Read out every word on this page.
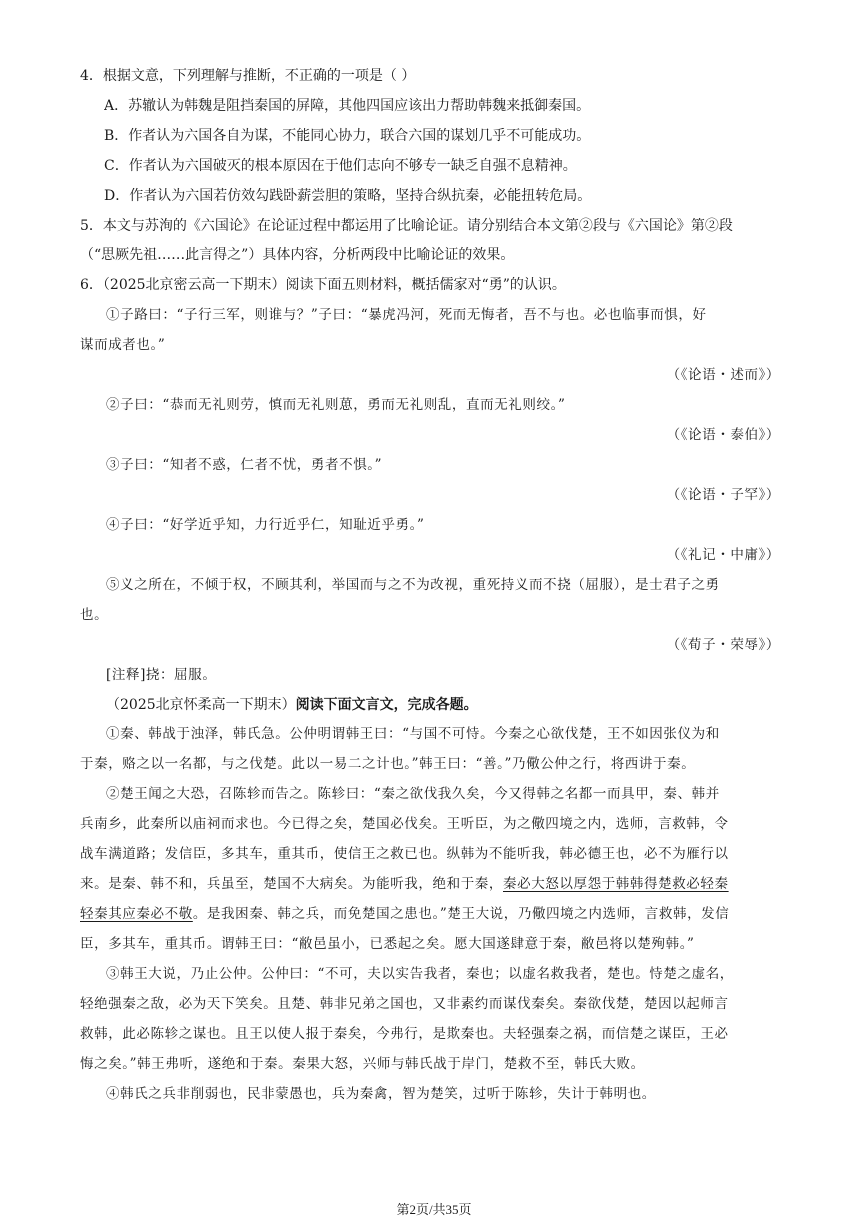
4．根据文意，下列理解与推断，不正确的一项是（ ）
A．苏辙认为韩魏是阻挡秦国的屏障，其他四国应该出力帮助韩魏来抵御秦国。
B．作者认为六国各自为谋，不能同心协力，联合六国的谋划几乎不可能成功。
C．作者认为六国破灭的根本原因在于他们志向不够专一缺乏自强不息精神。
D．作者认为六国若仿效勾践卧薪尝胆的策略，坚持合纵抗秦，必能扭转危局。
5．本文与苏洵的《六国论》在论证过程中都运用了比喻论证。请分别结合本文第②段与《六国论》第②段
（“思厥先祖……此言得之”）具体内容，分析两段中比喻论证的效果。
6．（2025北京密云高一下期末）阅读下面五则材料，概括儒家对“勇”的认识。
①子路曰：“子行三军，则谁与？”子曰：“暴虎冯河，死而无悔者，吾不与也。必也临事而惧，好
谋而成者也。”
（《论语・述而》）
②子曰：“恭而无礼则劳，慎而无礼则葸，勇而无礼则乱，直而无礼则绞。”
（《论语・泰伯》）
③子曰：“知者不惑，仁者不忧，勇者不惧。”
（《论语・子罕》）
④子曰：“好学近乎知，力行近乎仁，知耻近乎勇。”
（《礼记・中庸》）
⑤义之所在，不倾于权，不顾其利，举国而与之不为改视，重死持义而不挠（屈服），是士君子之勇
也。
（《荀子・荣辱》）
[注释]挠：屈服。
（2025北京怀柔高一下期末）阅读下面文言文，完成各题。
①秦、韩战于浊泽，韩氏急。公仲明谓韩王曰：“与国不可恃。今秦之心欲伐楚，王不如因张仪为和
于秦，赂之以一名都，与之伐楚。此以一易二之计也。”韩王曰：“善。”乃儆公仲之行，将西讲于秦。
②楚王闻之大恐，召陈轸而告之。陈轸曰：“秦之欲伐我久矣，今又得韩之名都一而具甲，秦、韩并
兵南乡，此秦所以庙祠而求也。今已得之矣，楚国必伐矣。王听臣，为之儆四境之内，选师，言救韩，令
战车满道路；发信臣，多其车，重其币，使信王之救已也。纵韩为不能听我，韩必德王也，必不为雁行以
来。是秦、韩不和，兵虽至，楚国不大病矣。为能听我，绝和于秦，秦必大怒以厚怨于韩韩得楚救必轻秦
轻秦其应秦必不敬。是我困秦、韩之兵，而免楚国之患也。”楚王大说，乃儆四境之内选师，言救韩，发信
臣，多其车，重其币。谓韩王曰：“敝邑虽小，已悉起之矣。愿大国遂肆意于秦，敝邑将以楚殉韩。”
③韩王大说，乃止公仲。公仲曰：“不可，夫以实告我者，秦也；以虚名救我者，楚也。恃楚之虚名，
轻绝强秦之敌，必为天下笑矣。且楚、韩非兄弟之国也，又非素约而谋伐秦矣。秦欲伐楚，楚因以起师言
救韩，此必陈轸之谋也。且王以使人报于秦矣，今弗行，是欺秦也。夫轻强秦之祸，而信楚之谋臣，王必
悔之矣。”韩王弗听，遂绝和于秦。秦果大怒，兴师与韩氏战于岸门，楚救不至，韩氏大败。
④韩氏之兵非削弱也，民非蒙愚也，兵为秦禽，智为楚笑，过听于陈轸，失计于韩明也。
第2页/共35页
